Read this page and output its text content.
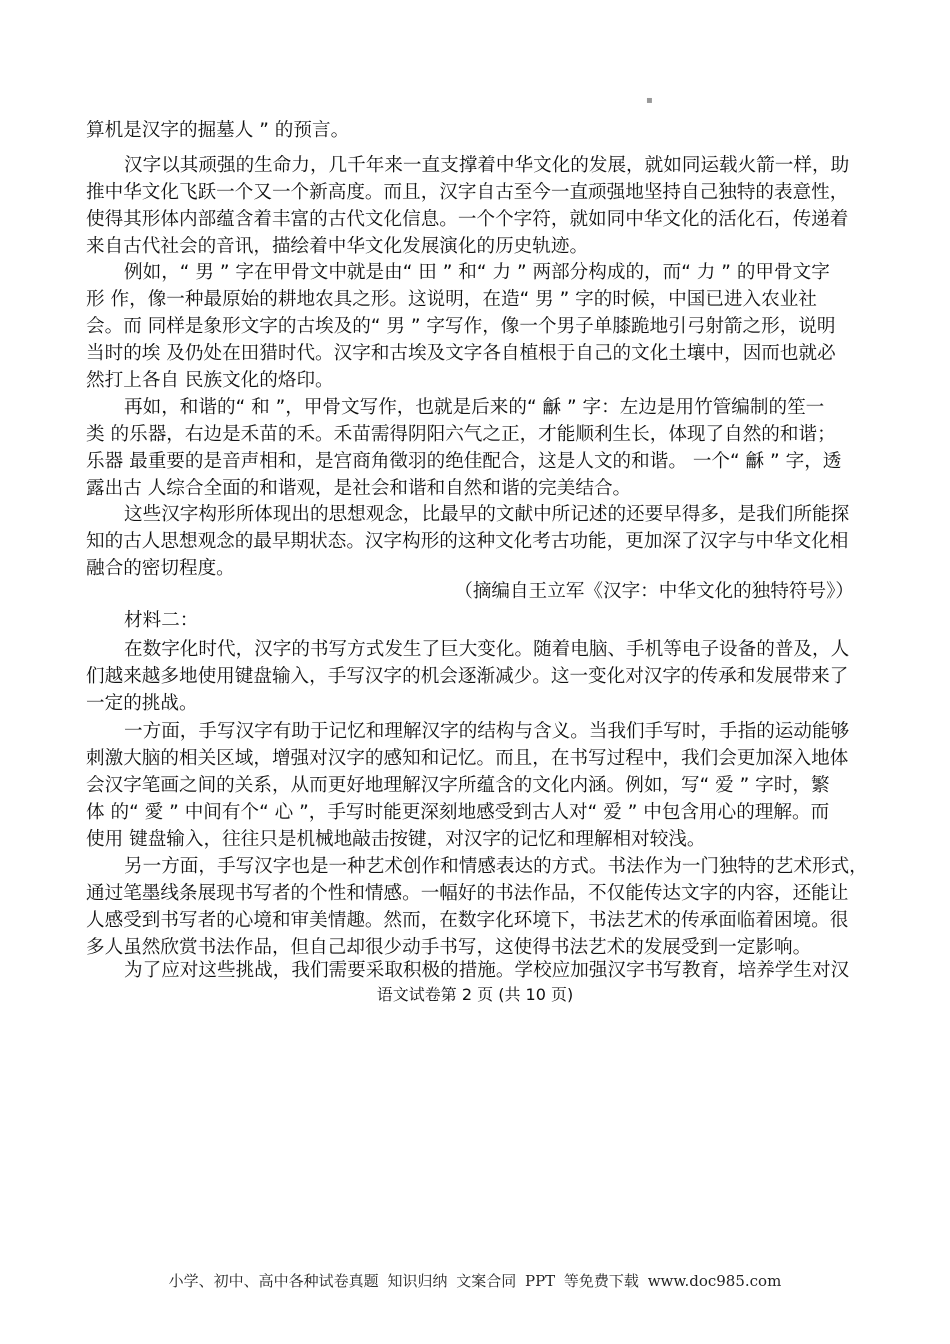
▪
算机是汉字的掘墓人 ” 的预言。
汉字以其顽强的生命力，几千年来一直支撑着中华文化的发展，就如同运载火箭一样，助
推中华文化飞跃一个又一个新高度。而且，汉字自古至今一直顽强地坚持自己独特的表意性，
使得其形体内部蕴含着丰富的古代文化信息。一个个字符，就如同中华文化的活化石，传递着
来自古代社会的音讯，描绘着中华文化发展演化的历史轨迹。
例如，“ 男 ” 字在甲骨文中就是由“ 田 ” 和“ 力 ” 两部分构成的，而“ 力 ” 的甲骨文字
形 作，像一种最原始的耕地农具之形。这说明，在造“ 男 ” 字的时候，中国已进入农业社
会。而 同样是象形文字的古埃及的“ 男 ” 字写作，像一个男子单膝跪地引弓射箭之形，说明
当时的埃 及仍处在田猎时代。汉字和古埃及文字各自植根于自己的文化土壤中，因而也就必
然打上各自 民族文化的烙印。
再如，和谐的“ 和 ”，甲骨文写作，也就是后来的“ 龢 ” 字：左边是用竹管编制的笙一
类 的乐器，右边是禾苗的禾。禾苗需得阴阳六气之正，才能顺利生长，体现了自然的和谐；
乐器 最重要的是音声相和，是宫商角徵羽的绝佳配合，这是人文的和谐。 一个“ 龢 ” 字，透
露出古 人综合全面的和谐观，是社会和谐和自然和谐的完美结合。
这些汉字构形所体现出的思想观念，比最早的文献中所记述的还要早得多，是我们所能探
知的古人思想观念的最早期状态。汉字构形的这种文化考古功能，更加深了汉字与中华文化相
融合的密切程度。
（摘编自王立军《汉字：中华文化的独特符号》）
材料二：
在数字化时代，汉字的书写方式发生了巨大变化。随着电脑、手机等电子设备的普及，人
们越来越多地使用键盘输入，手写汉字的机会逐渐减少。这一变化对汉字的传承和发展带来了
一定的挑战。
一方面，手写汉字有助于记忆和理解汉字的结构与含义。当我们手写时，手指的运动能够
刺激大脑的相关区域，增强对汉字的感知和记忆。而且，在书写过程中，我们会更加深入地体
会汉字笔画之间的关系，从而更好地理解汉字所蕴含的文化内涵。例如，写“ 爱 ” 字时，繁
体 的“ 愛 ” 中间有个“ 心 ”，手写时能更深刻地感受到古人对“ 爱 ” 中包含用心的理解。而
使用 键盘输入，往往只是机械地敲击按键，对汉字的记忆和理解相对较浅。
另一方面，手写汉字也是一种艺术创作和情感表达的方式。书法作为一门独特的艺术形式，
通过笔墨线条展现书写者的个性和情感。一幅好的书法作品，不仅能传达文字的内容，还能让
人感受到书写者的心境和审美情趣。然而，在数字化环境下，书法艺术的传承面临着困境。很
多人虽然欣赏书法作品，但自己却很少动手书写，这使得书法艺术的发展受到一定影响。
语文试卷第 2 页 (共 10 页)
小学、初中、高中各种试卷真题 知识归纳 文案合同 PPT 等免费下载 www.doc985.com
为了应对这些挑战，我们需要采取积极的措施。学校应加强汉字书写教育，培养学生对汉
